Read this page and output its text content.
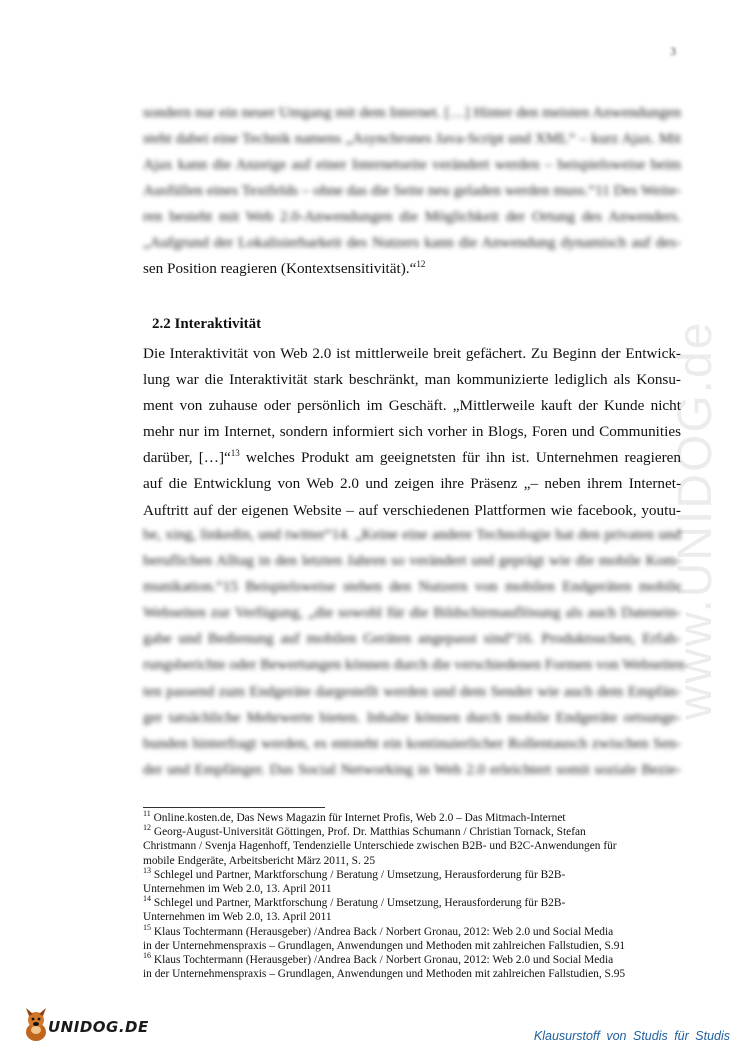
3
www.UNIDOG.de
sondern nur ein neuer Umgang mit dem Internet. […] Hinter den meisten Anwendungen
steht dabei eine Technik namens „Asynchrones Java-Script und XML“ – kurz Ajax. Mit
Ajax kann die Anzeige auf einer Internetseite verändert werden – beispielsweise beim
Ausfüllen eines Textfelds – ohne das die Seite neu geladen werden muss.“11 Des Weite-
ren besteht mit Web 2.0-Anwendungen die Möglichkeit der Ortung des Anwenders.
„Aufgrund der Lokalisierbarkeit des Nutzers kann die Anwendung dynamisch auf des-
sen Position reagieren (Kontextsensitivität).“$^{12}$
2.2 Interaktivität
Die Interaktivität von Web 2.0 ist mittlerweile breit gefächert. Zu Beginn der Entwick-
lung war die Interaktivität stark beschränkt, man kommunizierte lediglich als Konsu-
ment von zuhause oder persönlich im Geschäft. „Mittlerweile kauft der Kunde nicht
mehr nur im Internet, sondern informiert sich vorher in Blogs, Foren und Communities
darüber, […]“$^{13}$ welches Produkt am geeignetsten für ihn ist. Unternehmen reagieren
auf die Entwicklung von Web 2.0 und zeigen ihre Präsenz „– neben ihrem Internet-
Auftritt auf der eigenen Website – auf verschiedenen Plattformen wie facebook, youtu-
be, xing, linkedin, und twitter“14. „Keine eine andere Technologie hat den privaten und
beruflichen Alltag in den letzten Jahren so verändert und geprägt wie die mobile Kom-
munikation.“15 Beispielsweise stehen den Nutzern von mobilen Endgeräten mobile
Webseiten zur Verfügung, „die sowohl für die Bildschirmauflösung als auch Datenein-
gabe und Bedienung auf mobilen Geräten angepasst sind“16. Produktsuchen, Erfah-
rungsberichte oder Bewertungen können durch die verschiedenen Formen von Webseiten
ten passend zum Endgeräte dargestellt werden und dem Sender wie auch dem Empfän-
ger tatsächliche Mehrwerte bieten. Inhalte können durch mobile Endgeräte ortsunge-
bunden hinterfragt werden, es entsteht ein kontinuierlicher Rollentausch zwischen Sen-
der und Empfänger. Das Social Networking in Web 2.0 erleichtert somit soziale Bezie-

$^{11}$ Online.kosten.de, Das News Magazin für Internet Profis, Web 2.0 – Das Mitmach-Internet

$^{12}$ Georg-August-Universität Göttingen, Prof. Dr. Matthias Schumann / Christian Tornack, Stefan
Christmann / Svenja Hagenhoff, Tendenzielle Unterschiede zwischen B2B- und B2C-Anwendungen für
mobile Endgeräte, Arbeitsbericht März 2011, S. 25

$^{13}$ Schlegel und Partner, Marktforschung / Beratung / Umsetzung, Herausforderung für B2B-
Unternehmen im Web 2.0, 13. April 2011

$^{14}$ Schlegel und Partner, Marktforschung / Beratung / Umsetzung, Herausforderung für B2B-
Unternehmen im Web 2.0, 13. April 2011

$^{15}$ Klaus Tochtermann (Herausgeber) /Andrea Back / Norbert Gronau, 2012: Web 2.0 und Social Media
in der Unternehmenspraxis – Grundlagen, Anwendungen und Methoden mit zahlreichen Fallstudien, S.91

$^{16}$ Klaus Tochtermann (Herausgeber) /Andrea Back / Norbert Gronau, 2012: Web 2.0 und Social Media
in der Unternehmenspraxis – Grundlagen, Anwendungen und Methoden mit zahlreichen Fallstudien, S.95

UNIDOG.DE	Klausurstoff von Studis für Studis
